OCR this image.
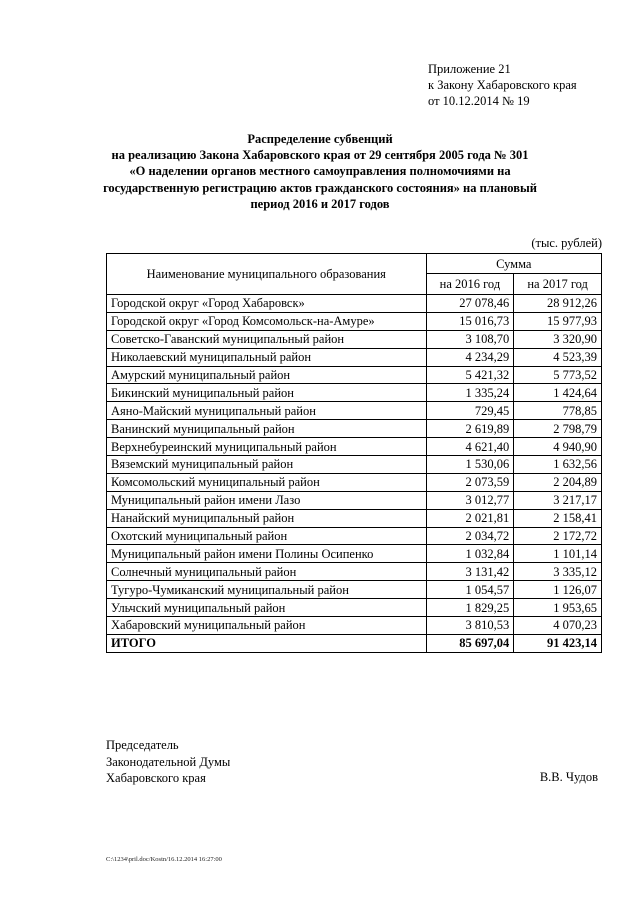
Приложение 21
к Закону Хабаровского края
от 10.12.2014 № 19
Распределение субвенций
на реализацию Закона Хабаровского края от 29 сентября 2005 года № 301
«О наделении органов местного самоуправления полномочиями на
государственную регистрацию актов гражданского состояния» на плановый
период 2016 и 2017 годов
(тыс. рублей)
Наименование муниципального образования	Сумма	
	на 2016 год	на 2017 год
Городской округ «Город Хабаровск»	27 078,46	28 912,26
Городской округ «Город Комсомольск-на-Амуре»	15 016,73	15 977,93
Советско-Гаванский муниципальный район	3 108,70	3 320,90
Николаевский муниципальный район	4 234,29	4 523,39
Амурский муниципальный район	5 421,32	5 773,52
Бикинский муниципальный район	1 335,24	1 424,64
Аяно-Майский муниципальный район	729,45	778,85
Ванинский муниципальный район	2 619,89	2 798,79
Верхнебуреинский муниципальный район	4 621,40	4 940,90
Вяземский муниципальный район	1 530,06	1 632,56
Комсомольский муниципальный район	2 073,59	2 204,89
Муниципальный район имени Лазо	3 012,77	3 217,17
Нанайский муниципальный район	2 021,81	2 158,41
Охотский муниципальный район	2 034,72	2 172,72
Муниципальный район имени Полины Осипенко	1 032,84	1 101,14
Солнечный муниципальный район	3 131,42	3 335,12
Тугуро-Чумиканский муниципальный район	1 054,57	1 126,07
Ульчский муниципальный район	1 829,25	1 953,65
Хабаровский муниципальный район	3 810,53	4 070,23
ИТОГО	85 697,04	91 423,14
Председатель
Законодательной Думы
Хабаровского края	В.В. Чудов
C:\1234\pril.doc/Kostn/16.12.2014 16:27:00
